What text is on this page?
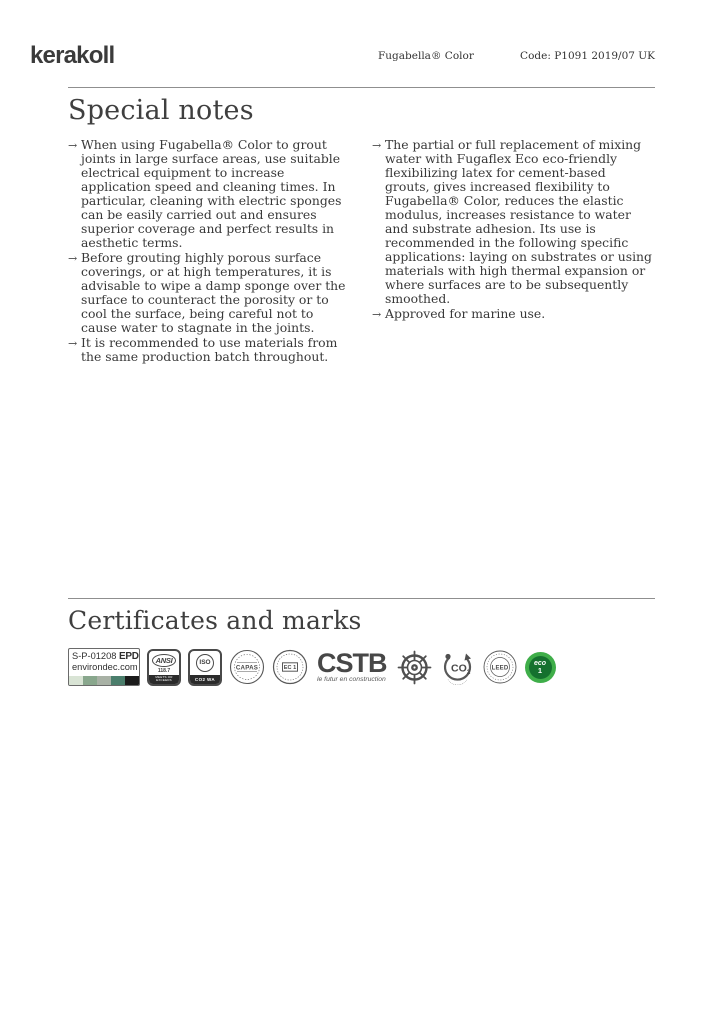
kerakoll	Fugabella® Color	Code: P1091 2019/07 UK
Special notes
→ When using Fugabella® Color to grout joints in large surface areas, use suitable electrical equipment to increase application speed and cleaning times. In particular, cleaning with electric sponges can be easily carried out and ensures superior coverage and perfect results in aesthetic terms.
→ Before grouting highly porous surface coverings, or at high temperatures, it is advisable to wipe a damp sponge over the surface to counteract the porosity or to cool the surface, being careful not to cause water to stagnate in the joints.
→ It is recommended to use materials from the same production batch throughout.
→ The partial or full replacement of mixing water with Fugaflex Eco eco-friendly flexibilizing latex for cement-based grouts, gives increased flexibility to Fugabella® Color, reduces the elastic modulus, increases resistance to water and substrate adhesion. Its use is recommended in the following specific applications: laying on substrates or using materials with high thermal expansion or where surfaces are to be subsequently smoothed.
→ Approved for marine use.
Certificates and marks
S-P-01208 EPD
environdec.com
ANSI
118.7
MEETS OR
EXCEEDS
ISO
CO2 WA
CAPAS	EC 1 CSTB
le futur en construction
$CO_2$
LEED
eco
1
